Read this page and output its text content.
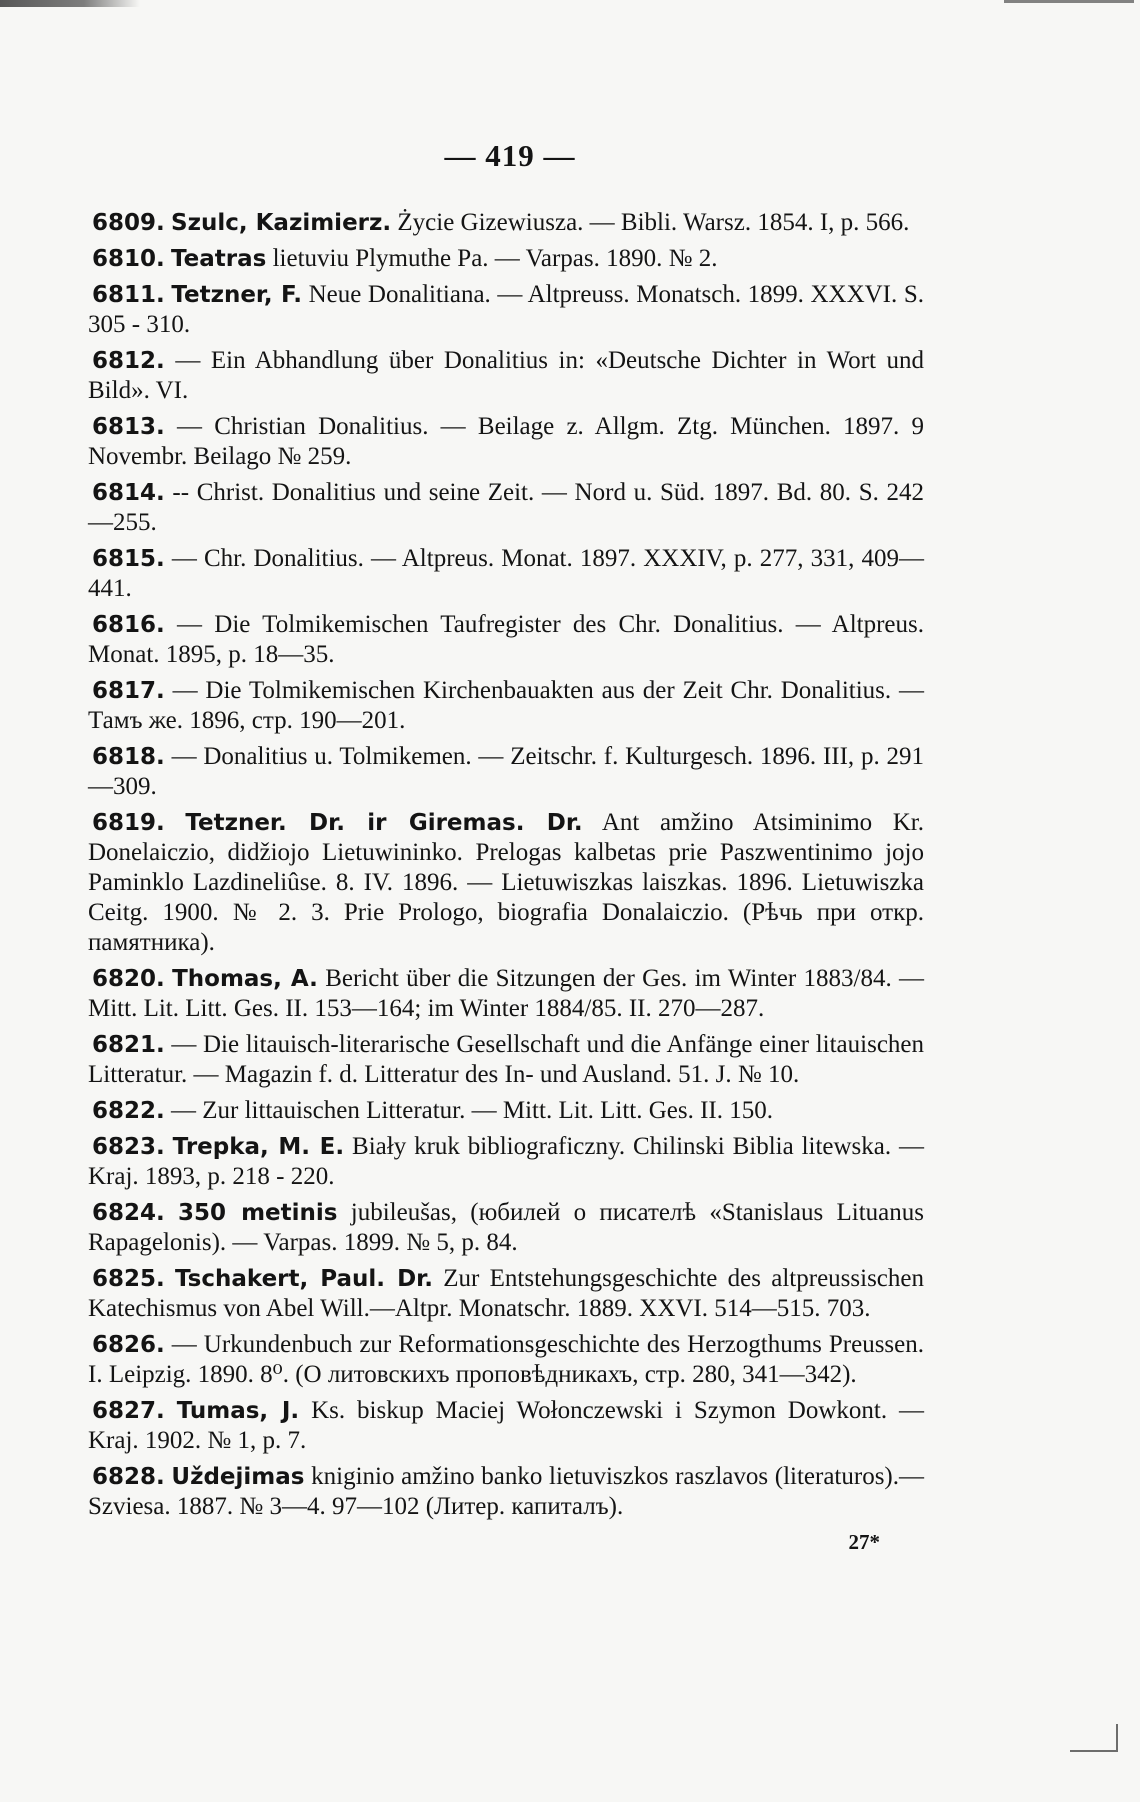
— 419 —

6809. Szulc, Kazimierz. Życie Gizewiusza. — Bibli. Warsz. 1854. I, p. 566.

6810. Teatras lietuviu Plymuthe Pa. — Varpas. 1890. № 2.

6811. Tetzner, F. Neue Donalitiana. — Altpreuss. Monatsch. 1899. XXXVI. S. 305 - 310.

6812. — Ein Abhandlung über Donalitius in: «Deutsche Dichter in Wort und Bild». VI.

6813. — Christian Donalitius. — Beilage z. Allgm. Ztg. München. 1897. 9 Novembr. Beilago № 259.

6814. -- Christ. Donalitius und seine Zeit. — Nord u. Süd. 1897. Bd. 80. S. 242—255.

6815. — Chr. Donalitius. — Altpreus. Monat. 1897. XXXIV, p. 277, 331, 409—441.

6816. — Die Tolmikemischen Taufregister des Chr. Donalitius. — Altpreus. Monat. 1895, p. 18—35.

6817. — Die Tolmikemischen Kirchenbauakten aus der Zeit Chr. Donalitius. — Тамъ же. 1896, стр. 190—201.

6818. — Donalitius u. Tolmikemen. — Zeitschr. f. Kulturgesch. 1896. III, p. 291—309.

6819. Tetzner. Dr. ir Giremas. Dr. Ant amžino Atsiminimo Kr. Donelaiczio, didžiojo Lietuwininko. Prelogas kalbetas prie Paszwentinimo jojo Paminklo Lazdineliûse. 8. IV. 1896. — Lietuwiszkas laiszkas. 1896. Lietuwiszka Ceitg. 1900. № 2. 3. Prie Prologo, biografia Donalaiczio. (Рѣчь при откр. памятника).

6820. Thomas, A. Bericht über die Sitzungen der Ges. im Winter 1883/84. — Mitt. Lit. Litt. Ges. II. 153—164; im Winter 1884/85. II. 270—287.

6821. — Die litauisch-literarische Gesellschaft und die Anfänge einer litauischen Litteratur. — Magazin f. d. Litteratur des In- und Ausland. 51. J. № 10.

6822. — Zur littauischen Litteratur. — Mitt. Lit. Litt. Ges. II. 150.

6823. Trepka, M. E. Biały kruk bibliograficzny. Chilinski Biblia litewska. — Kraj. 1893, p. 218 - 220.

6824. 350 metinis jubileušas, (юбилей о писателѣ «Stanislaus Lituanus Rapagelonis). — Varpas. 1899. № 5, p. 84.

6825. Tschakert, Paul. Dr. Zur Entstehungsgeschichte des altpreussischen Katechismus von Abel Will.—Altpr. Monatschr. 1889. XXVI. 514—515. 703.

6826. — Urkundenbuch zur Reformationsgeschichte des Herzogthums Preussen. I. Leipzig. 1890. 8⁰. (O литовскихъ проповѣдникахъ, стр. 280, 341—342).

6827. Tumas, J. Ks. biskup Maciej Wołonczewski i Szymon Dowkont. — Kraj. 1902. № 1, p. 7.

6828. Uždejimas kniginio amžino banko lietuviszkos raszlavos (literaturos).—Szviesa. 1887. № 3—4. 97—102 (Литер. капиталъ).

27*
